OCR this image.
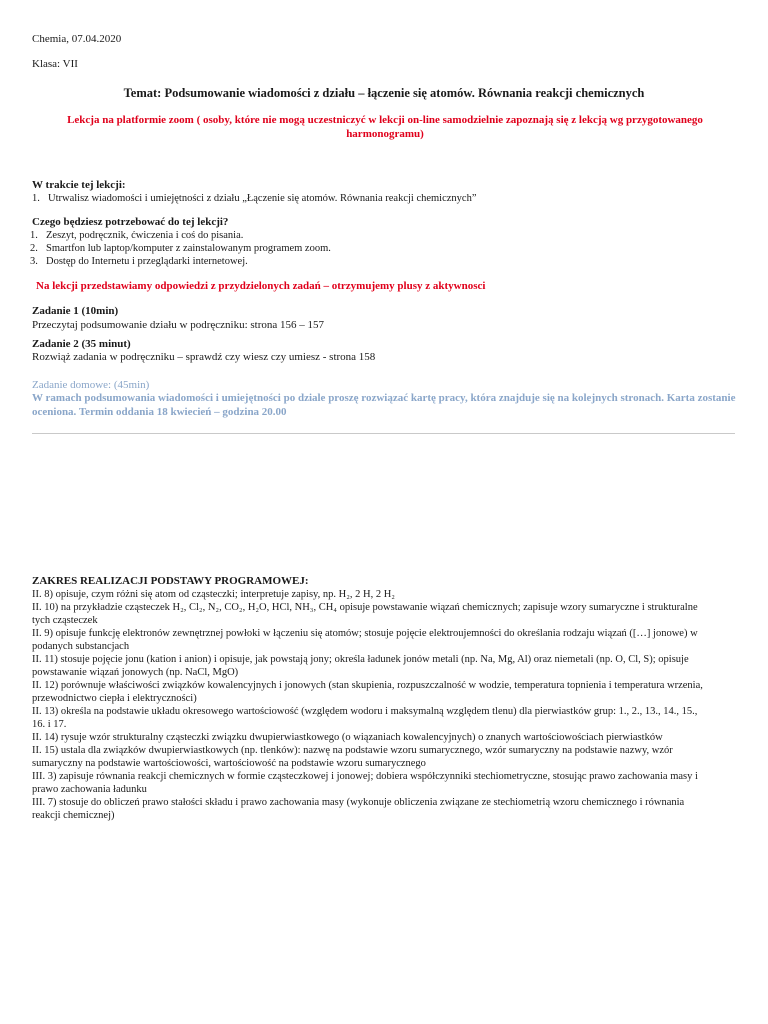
Chemia, 07.04.2020
Klasa: VII
Temat: Podsumowanie wiadomości z działu – łączenie się atomów. Równania reakcji chemicznych
Lekcja na platformie zoom ( osoby, które nie mogą uczestniczyć w lekcji on-line samodzielnie zapoznają się z lekcją wg przygotowanego
harmonogramu)
W trakcie tej lekcji:
1. Utrwalisz wiadomości i umiejętności z działu „Łączenie się atomów. Równania reakcji chemicznych”
Czego będziesz potrzebować do tej lekcji?
1. Zeszyt, podręcznik, ćwiczenia i coś do pisania.
2. Smartfon lub laptop/komputer z zainstalowanym programem zoom.
3. Dostęp do Internetu i przeglądarki internetowej.
Na lekcji przedstawiamy odpowiedzi z przydzielonych zadań – otrzymujemy plusy z aktywnosci
Zadanie 1 (10min)
Przeczytaj podsumowanie działu w podręczniku: strona 156 – 157
Zadanie 2 (35 minut)
Rozwiąż zadania w podręczniku – sprawdź czy wiesz czy umiesz - strona 158
Zadanie domowe: (45min)
W ramach podsumowania wiadomości i umiejętności po dziale proszę rozwiązać kartę pracy, która znajduje się na kolejnych stronach. Karta zostanie
oceniona. Termin oddania 18 kwiecień – godzina 20.00
ZAKRES REALIZACJI PODSTAWY PROGRAMOWEJ:
II. 8) opisuje, czym różni się atom od cząsteczki; interpretuje zapisy, np. H₂, 2 H, 2 H₂
II. 10) na przykładzie cząsteczek H₂, Cl₂, N₂, CO₂, H₂O, HCl, NH₃, CH₄ opisuje powstawanie wiązań chemicznych; zapisuje wzory sumaryczne i strukturalne
tych cząsteczek
II. 9) opisuje funkcję elektronów zewnętrznej powłoki w łączeniu się atomów; stosuje pojęcie elektroujemności do określania rodzaju wiązań ([…] jonowe) w
podanych substancjach
II. 11) stosuje pojęcie jonu (kation i anion) i opisuje, jak powstają jony; określa ładunek jonów metali (np. Na, Mg, Al) oraz niemetali (np. O, Cl, S); opisuje
powstawanie wiązań jonowych (np. NaCl, MgO)
II. 12) porównuje właściwości związków kowalencyjnych i jonowych (stan skupienia, rozpuszczalność w wodzie, temperatura topnienia i temperatura wrzenia,
przewodnictwo ciepła i elektryczności)
II. 13) określa na podstawie układu okresowego wartościowość (względem wodoru i maksymalną względem tlenu) dla pierwiastków grup: 1., 2., 13., 14., 15.,
16. i 17.
II. 14) rysuje wzór strukturalny cząsteczki związku dwupierwiastkowego (o wiązaniach kowalencyjnych) o znanych wartościowościach pierwiastków
II. 15) ustala dla związków dwupierwiastkowych (np. tlenków): nazwę na podstawie wzoru sumarycznego, wzór sumaryczny na podstawie nazwy, wzór
sumaryczny na podstawie wartościowości, wartościowość na podstawie wzoru sumarycznego
III. 3) zapisuje równania reakcji chemicznych w formie cząsteczkowej i jonowej; dobiera współczynniki stechiometryczne, stosując prawo zachowania masy i
prawo zachowania ładunku
III. 7) stosuje do obliczeń prawo stałości składu i prawo zachowania masy (wykonuje obliczenia związane ze stechiometrią wzoru chemicznego i równania
reakcji chemicznej)
